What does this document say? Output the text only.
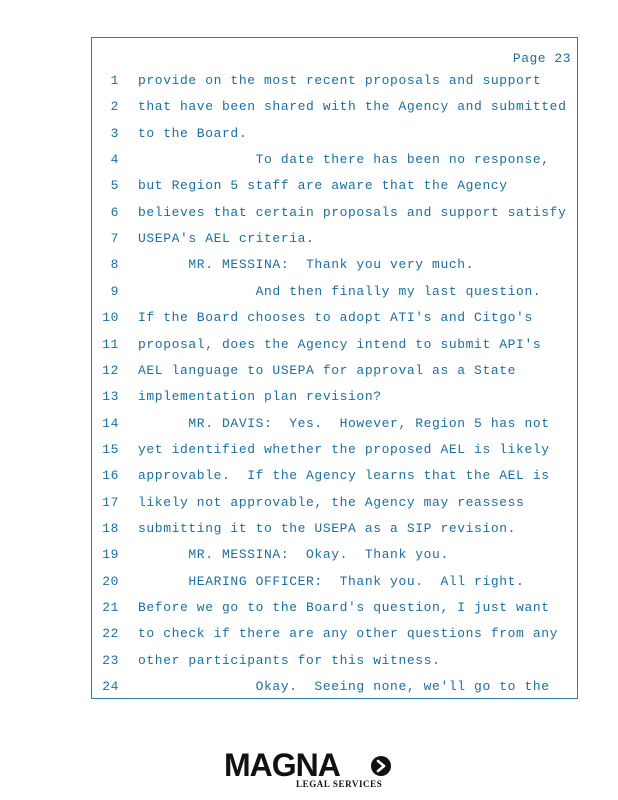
Page 23
1 provide on the most recent proposals and support
2 that have been shared with the Agency and submitted
3 to the Board.
4 To date there has been no response,
5 but Region 5 staff are aware that the Agency
6 believes that certain proposals and support satisfy
7 USEPA's AEL criteria.
8 MR. MESSINA:  Thank you very much.
9 And then finally my last question.
10 If the Board chooses to adopt ATI's and Citgo's
11 proposal, does the Agency intend to submit API's
12 AEL language to USEPA for approval as a State
13 implementation plan revision?
14 MR. DAVIS:  Yes.  However, Region 5 has not
15 yet identified whether the proposed AEL is likely
16 approvable.  If the Agency learns that the AEL is
17 likely not approvable, the Agency may reassess
18 submitting it to the USEPA as a SIP revision.
19 MR. MESSINA:  Okay.  Thank you.
20 HEARING OFFICER:  Thank you.  All right.
21 Before we go to the Board's question, I just want
22 to check if there are any other questions from any
23 other participants for this witness.
24 Okay.  Seeing none, we'll go to the
MAGNA
LEGAL SERVICES
